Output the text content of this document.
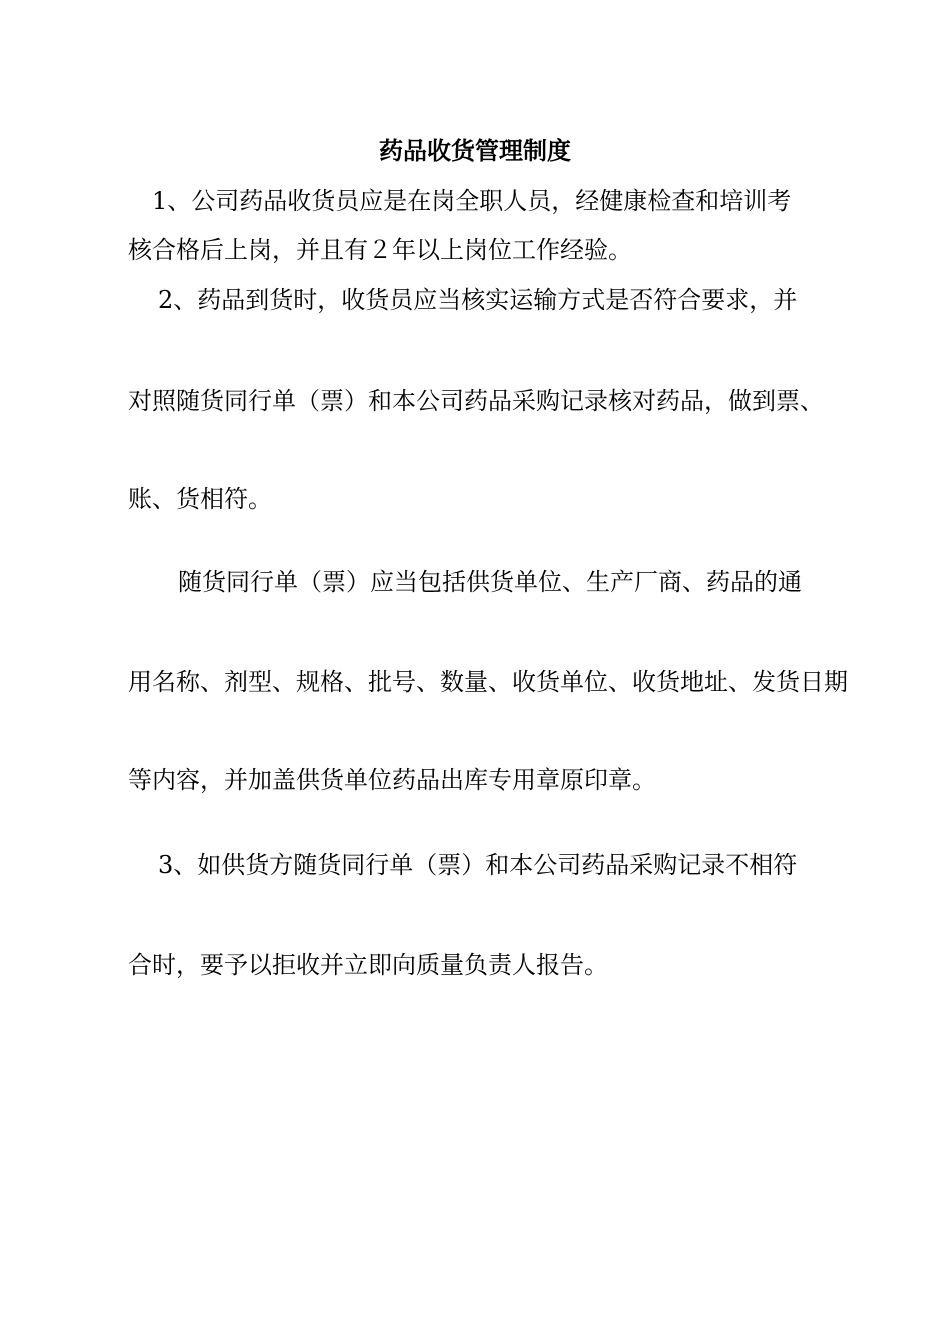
药品收货管理制度
1、公司药品收货员应是在岗全职人员，经健康检查和培训考
核合格后上岗，并且有２年以上岗位工作经验。
2、药品到货时，收货员应当核实运输方式是否符合要求，并
对照随货同行单（票）和本公司药品采购记录核对药品，做到票、
账、货相符。
随货同行单（票）应当包括供货单位、生产厂商、药品的通
用名称、剂型、规格、批号、数量、收货单位、收货地址、发货日期
等内容，并加盖供货单位药品出库专用章原印章。
3、如供货方随货同行单（票）和本公司药品采购记录不相符
合时，要予以拒收并立即向质量负责人报告。
